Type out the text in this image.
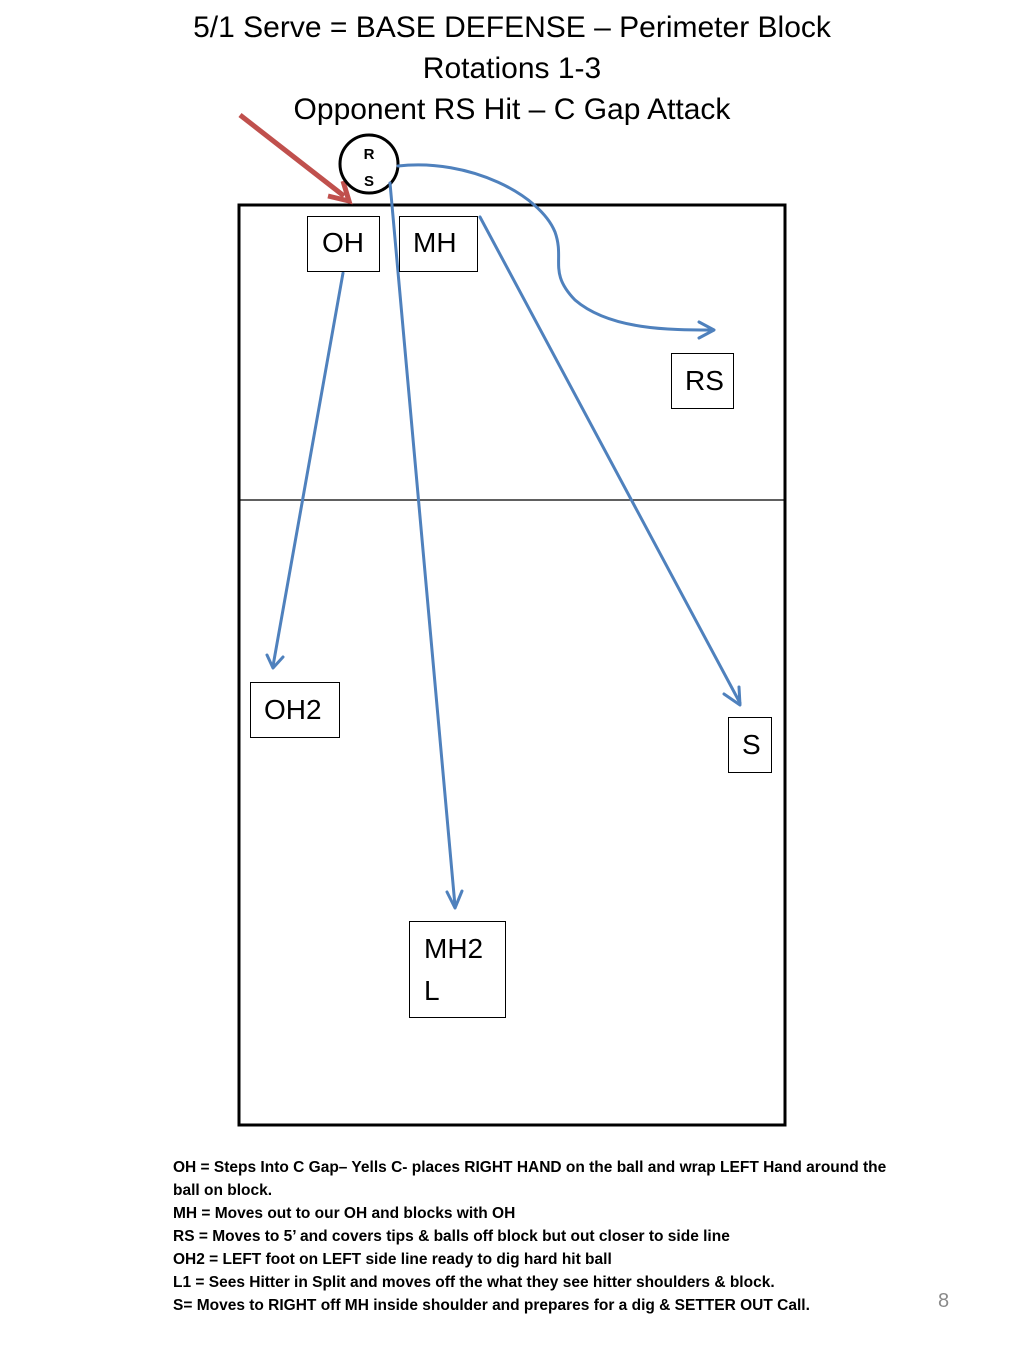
5/1 Serve = BASE DEFENSE – Perimeter Block
Rotations 1-3
Opponent RS Hit – C Gap Attack
R
S
OH	MH
RS
OH2
S
MH2
L
OH = Steps Into C Gap– Yells C- places RIGHT HAND on the ball and wrap LEFT Hand around the ball on block.
MH = Moves out to our OH and blocks with OH
RS = Moves to 5’ and covers tips & balls off block but out closer to side line
OH2 = LEFT foot on LEFT side line ready to dig hard hit ball
L1 = Sees Hitter in Split and moves off the what they see hitter shoulders & block.
S= Moves to RIGHT off MH inside shoulder and prepares for a dig & SETTER OUT Call.	8
